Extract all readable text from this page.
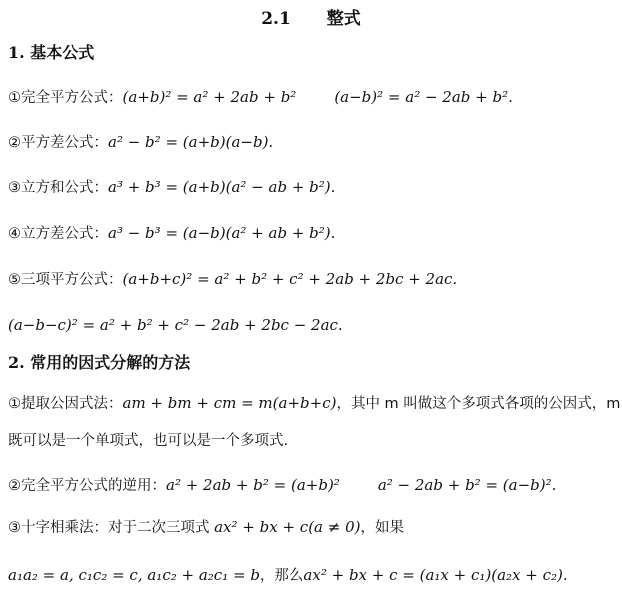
2.1 整式
1. 基本公式
①完全平方公式：(a+b)² = a² + 2ab + b²	(a−b)² = a² − 2ab + b².
②平方差公式：a² − b² = (a+b)(a−b).
③立方和公式：a³ + b³ = (a+b)(a² − ab + b²).
④立方差公式：a³ − b³ = (a−b)(a² + ab + b²).
⑤三项平方公式：(a+b+c)² = a² + b² + c² + 2ab + 2bc + 2ac.
(a−b−c)² = a² + b² + c² − 2ab + 2bc − 2ac.
2. 常用的因式分解的方法
①提取公因式法：am + bm + cm = m(a+b+c)，其中 m 叫做这个多项式各项的公因式，m
既可以是一个单项式，也可以是一个多项式.
②完全平方公式的逆用：a² + 2ab + b² = (a+b)²	a² − 2ab + b² = (a−b)².
③十字相乘法：对于二次三项式 ax² + bx + c(a ≠ 0)，如果
a₁a₂ = a, c₁c₂ = c, a₁c₂ + a₂c₁ = b，那么ax² + bx + c = (a₁x + c₁)(a₂x + c₂).
